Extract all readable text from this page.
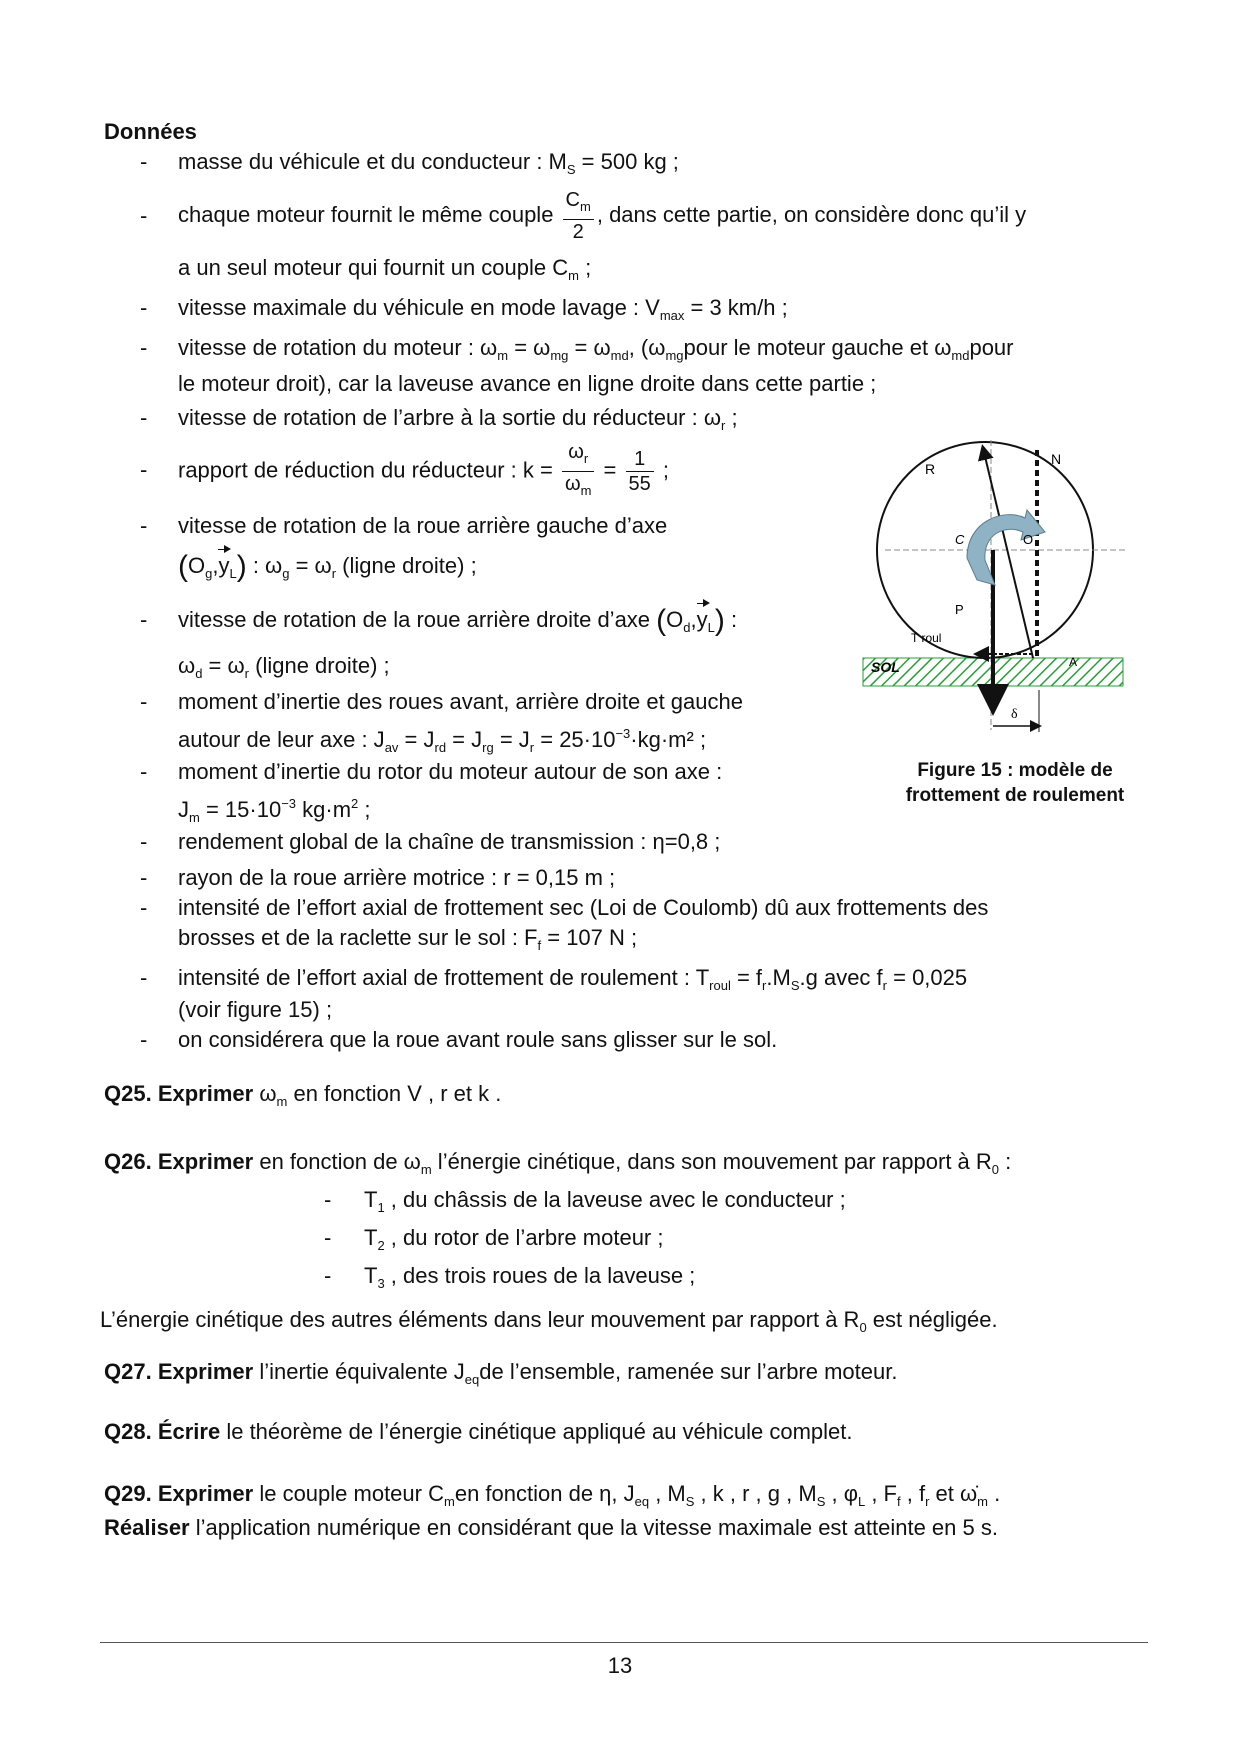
Données
- masse du véhicule et du conducteur : $M_S = 500$ kg ;
- chaque moteur fournit le même couple $\frac{C_m}{2}$ , dans cette partie, on considère donc qu’il y
a un seul moteur qui fournit un couple $C_m$ ;
- vitesse maximale du véhicule en mode lavage : $V_{max} = 3$ km/h ;
- vitesse de rotation du moteur : $\omega_m = \omega_{mg} = \omega_{md}$, ($\omega_{mg}pour$ le moteur gauche et $\omega_{md}pour$
le moteur droit), car la laveuse avance en ligne droite dans cette partie ;
- vitesse de rotation de l’arbre à la sortie du réducteur : $\omega_r$ ;
- rapport de réduction du réducteur : $k = \frac{\omega_r}{\omega_m} = \frac{1}{55}$ ;
- vitesse de rotation de la roue arrière gauche d’axe
$(O_g,y_L)$ : $\omega_g = \omega_r$ (ligne droite) ;
- vitesse de rotation de la roue arrière droite d’axe $(O_d,y_L)$ :
$\omega_d = \omega_r$ (ligne droite) ;
- moment d’inertie des roues avant, arrière droite et gauche
autour de leur axe : $J_{av} = J_{rd} = J_{rg} = J_r = 25\cdot 10^{-3}\cdot kg\cdot m^2$ ;
- moment d’inertie du rotor du moteur autour de son axe :
$J_m = 15\cdot 10^{-3}$ $kg\cdot m^2$ ;
- rendement global de la chaîne de transmission : η=0,8 ;
- rayon de la roue arrière motrice : r = 0,15 m ;
- intensité de l’effort axial de frottement sec (Loi de Coulomb) dû aux frottements des
brosses et de la raclette sur le sol : $F_f = 107$ N ;
- intensité de l’effort axial de frottement de roulement : $T_{roul} = f_r.M_S.g$ avec $f_r = 0,025$
(voir figure 15) ;
- on considérera que la roue avant roule sans glisser sur le sol.
R
N
C	O
P
T roul
SOL	A
δ
Figure 15 : modèle de
frottement de roulement
Q25. Exprimer $\omega_m$ en fonction V , r et k .
Q26. Exprimer en fonction de $\omega_m$ l’énergie cinétique, dans son mouvement par rapport à $R_0$ :
- $T_1$ , du châssis de la laveuse avec le conducteur ;
- $T_2$ , du rotor de l’arbre moteur ;
- $T_3$ , des trois roues de la laveuse ;
L’énergie cinétique des autres éléments dans leur mouvement par rapport à $R_0$ est négligée.
Q27. Exprimer l’inertie équivalente $J_{eq}de$ l’ensemble, ramenée sur l’arbre moteur.
Q28. Écrire le théorème de l’énergie cinétique appliqué au véhicule complet.
Q29. Exprimer le couple moteur $C_men$ fonction de η, $J_{eq}$ , $M_S$ , k , r , g , $M_S$ , $\varphi_L$ , $F_f$ , $f_r$ et $\omegȧ_m$ .
Réaliser l’application numérique en considérant que la vitesse maximale est atteinte en 5 s.
13
